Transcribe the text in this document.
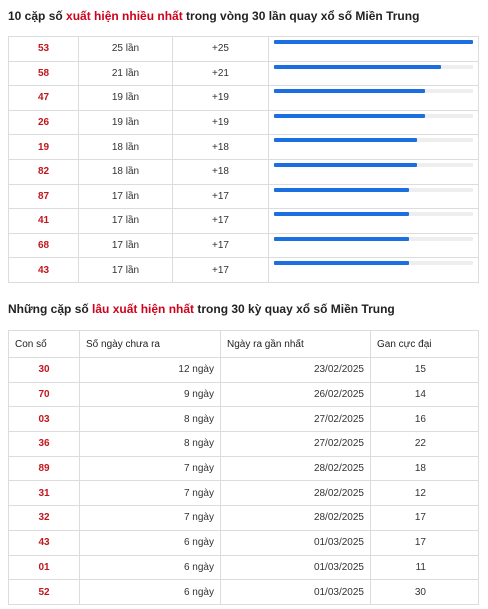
10 cặp số xuất hiện nhiều nhất trong vòng 30 lần quay xổ số Miền Trung
53	25 lần	+25	

58	21 lần	+21	

47	19 lần	+19	

26	19 lần	+19	

19	18 lần	+18	

82	18 lần	+18	

87	17 lần	+17	

41	17 lần	+17	

68	17 lần	+17	

43	17 lần	+17	
Những cặp số lâu xuất hiện nhất trong 30 kỳ quay xổ số Miền Trung
Con số	Số ngày chưa ra	Ngày ra gần nhất	Gan cực đại
30	12 ngày	23/02/2025	15
70	9 ngày	26/02/2025	14
03	8 ngày	27/02/2025	16
36	8 ngày	27/02/2025	22
89	7 ngày	28/02/2025	18
31	7 ngày	28/02/2025	12
32	7 ngày	28/02/2025	17
43	6 ngày	01/03/2025	17
01	6 ngày	01/03/2025	11
52	6 ngày	01/03/2025	30
